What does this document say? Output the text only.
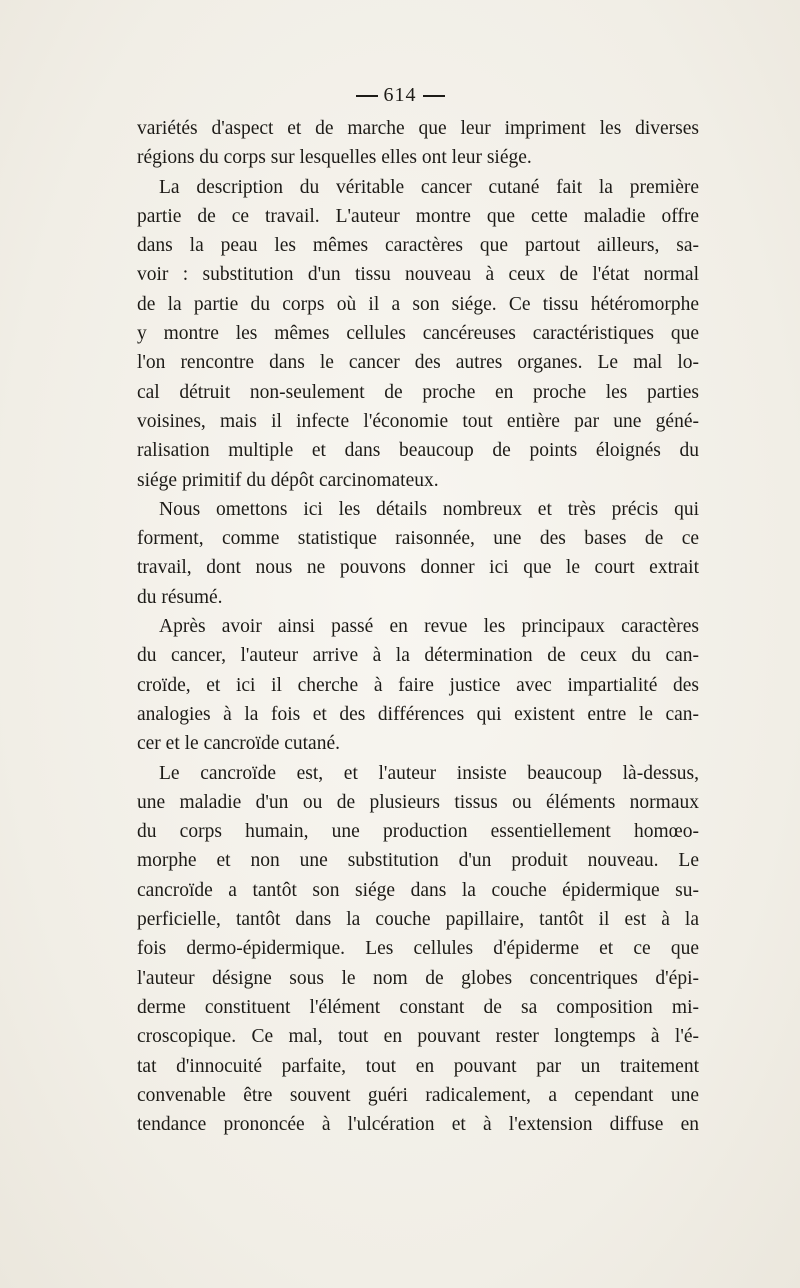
614
variétés d'aspect et de marche que leur impriment les diverses
régions du corps sur lesquelles elles ont leur siége.
La description du véritable cancer cutané fait la première
partie de ce travail. L'auteur montre que cette maladie offre
dans la peau les mêmes caractères que partout ailleurs, sa-
voir : substitution d'un tissu nouveau à ceux de l'état normal
de la partie du corps où il a son siége. Ce tissu hétéromorphe
y montre les mêmes cellules cancéreuses caractéristiques que
l'on rencontre dans le cancer des autres organes. Le mal lo-
cal détruit non-seulement de proche en proche les parties
voisines, mais il infecte l'économie tout entière par une géné-
ralisation multiple et dans beaucoup de points éloignés du
siége primitif du dépôt carcinomateux.
Nous omettons ici les détails nombreux et très précis qui
forment, comme statistique raisonnée, une des bases de ce
travail, dont nous ne pouvons donner ici que le court extrait
du résumé.
Après avoir ainsi passé en revue les principaux caractères
du cancer, l'auteur arrive à la détermination de ceux du can-
croïde, et ici il cherche à faire justice avec impartialité des
analogies à la fois et des différences qui existent entre le can-
cer et le cancroïde cutané.
Le cancroïde est, et l'auteur insiste beaucoup là-dessus,
une maladie d'un ou de plusieurs tissus ou éléments normaux
du corps humain, une production essentiellement homœo-
morphe et non une substitution d'un produit nouveau. Le
cancroïde a tantôt son siége dans la couche épidermique su-
perficielle, tantôt dans la couche papillaire, tantôt il est à la
fois dermo-épidermique. Les cellules d'épiderme et ce que
l'auteur désigne sous le nom de globes concentriques d'épi-
derme constituent l'élément constant de sa composition mi-
croscopique. Ce mal, tout en pouvant rester longtemps à l'é-
tat d'innocuité parfaite, tout en pouvant par un traitement
convenable être souvent guéri radicalement, a cependant une
tendance prononcée à l'ulcération et à l'extension diffuse en
